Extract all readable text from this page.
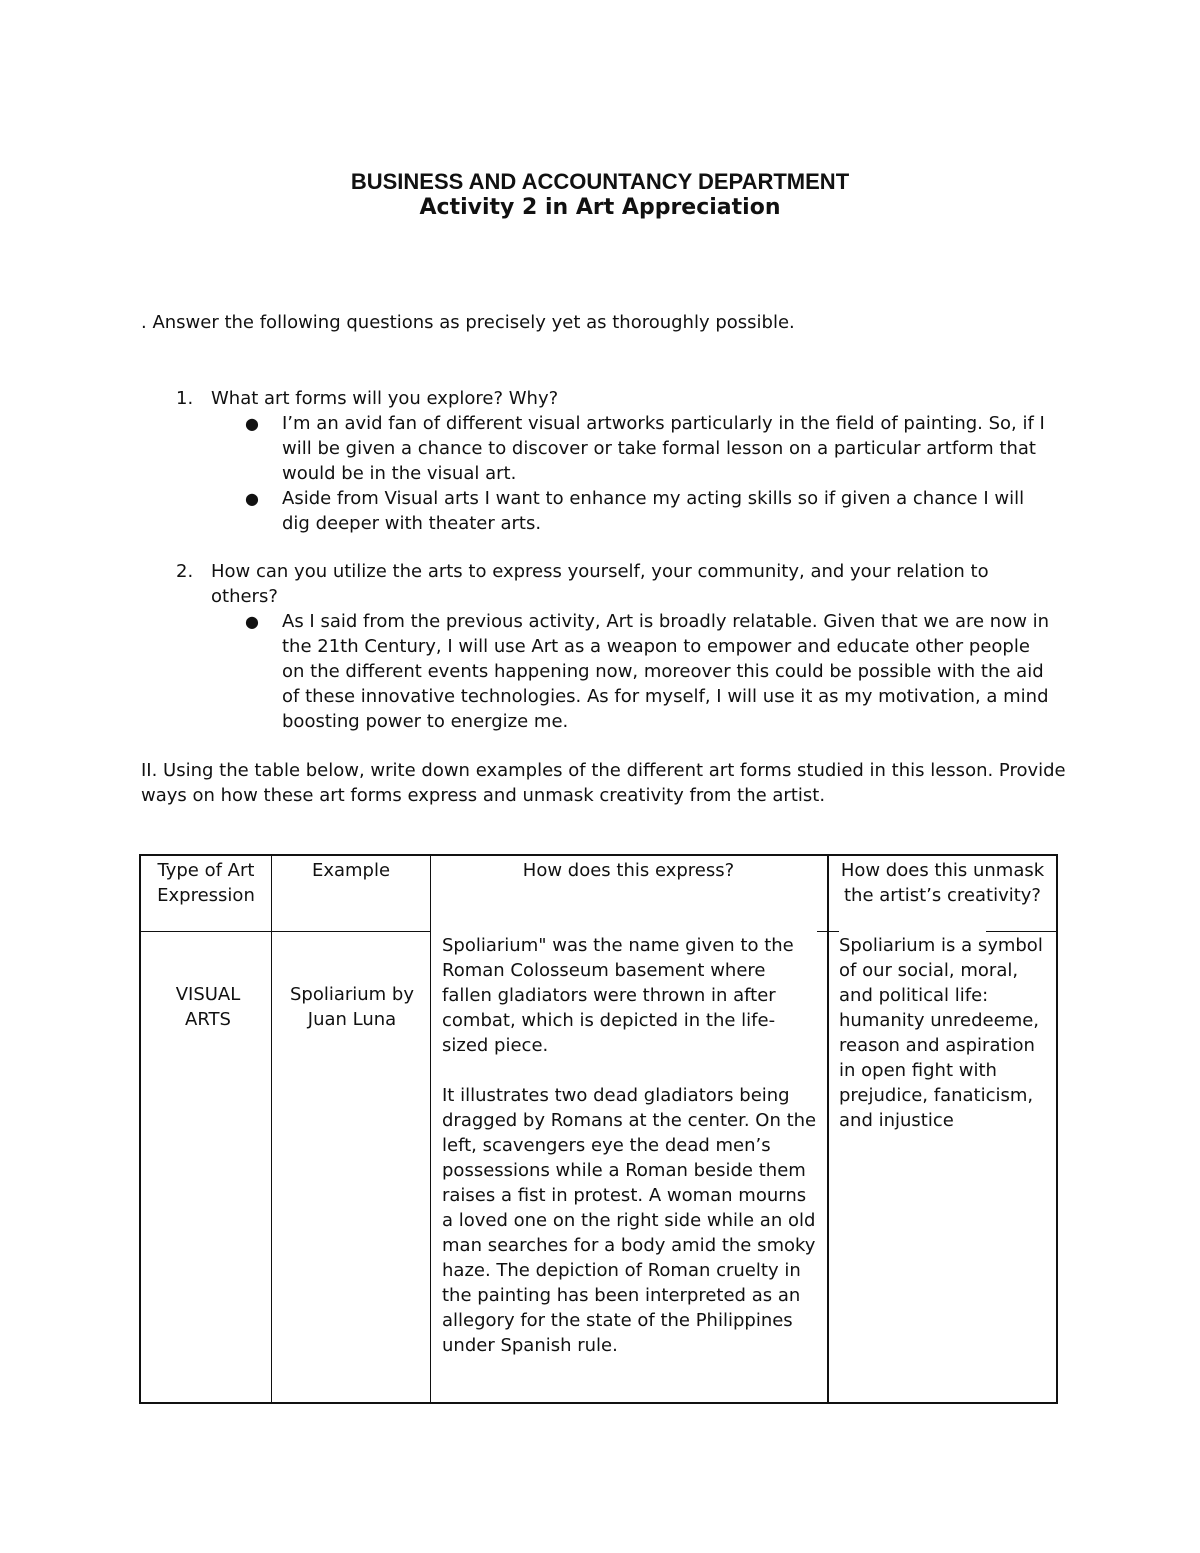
BUSINESS AND ACCOUNTANCY DEPARTMENT
Activity 2 in Art Appreciation
. Answer the following questions as precisely yet as thoroughly possible.
1. What art forms will you explore? Why?
● I’m an avid fan of different visual artworks particularly in the field of painting. So, if I will be given a chance to discover or take formal lesson on a particular artform that would be in the visual art.
● Aside from Visual arts I want to enhance my acting skills so if given a chance I will dig deeper with theater arts.
2. How can you utilize the arts to express yourself, your community, and your relation to others?
● As I said from the previous activity, Art is broadly relatable. Given that we are now in the 21th Century, I will use Art as a weapon to empower and educate other people on the different events happening now, moreover this could be possible with the aid of these innovative technologies. As for myself, I will use it as my motivation, a mind boosting power to energize me.
II. Using the table below, write down examples of the different art forms studied in this lesson. Provide ways on how these art forms express and unmask creativity from the artist.
Type of Art Expression
Example	How does this express?	How does this unmask the artist’s creativity?
VISUAL ARTS
Spoliarium by Juan Luna
Spoliarium" was the name given to the Roman Colosseum basement where fallen gladiators were thrown in after combat, which is depicted in the life-sized piece.
It illustrates two dead gladiators being dragged by Romans at the center. On the left, scavengers eye the dead men’s possessions while a Roman beside them raises a fist in protest. A woman mourns a loved one on the right side while an old man searches for a body amid the smoky haze. The depiction of Roman cruelty in the painting has been interpreted as an allegory for the state of the Philippines under Spanish rule.
Spoliarium is a symbol of our social, moral, and political life: humanity unredeeme, reason and aspiration in open fight with prejudice, fanaticism, and injustice
